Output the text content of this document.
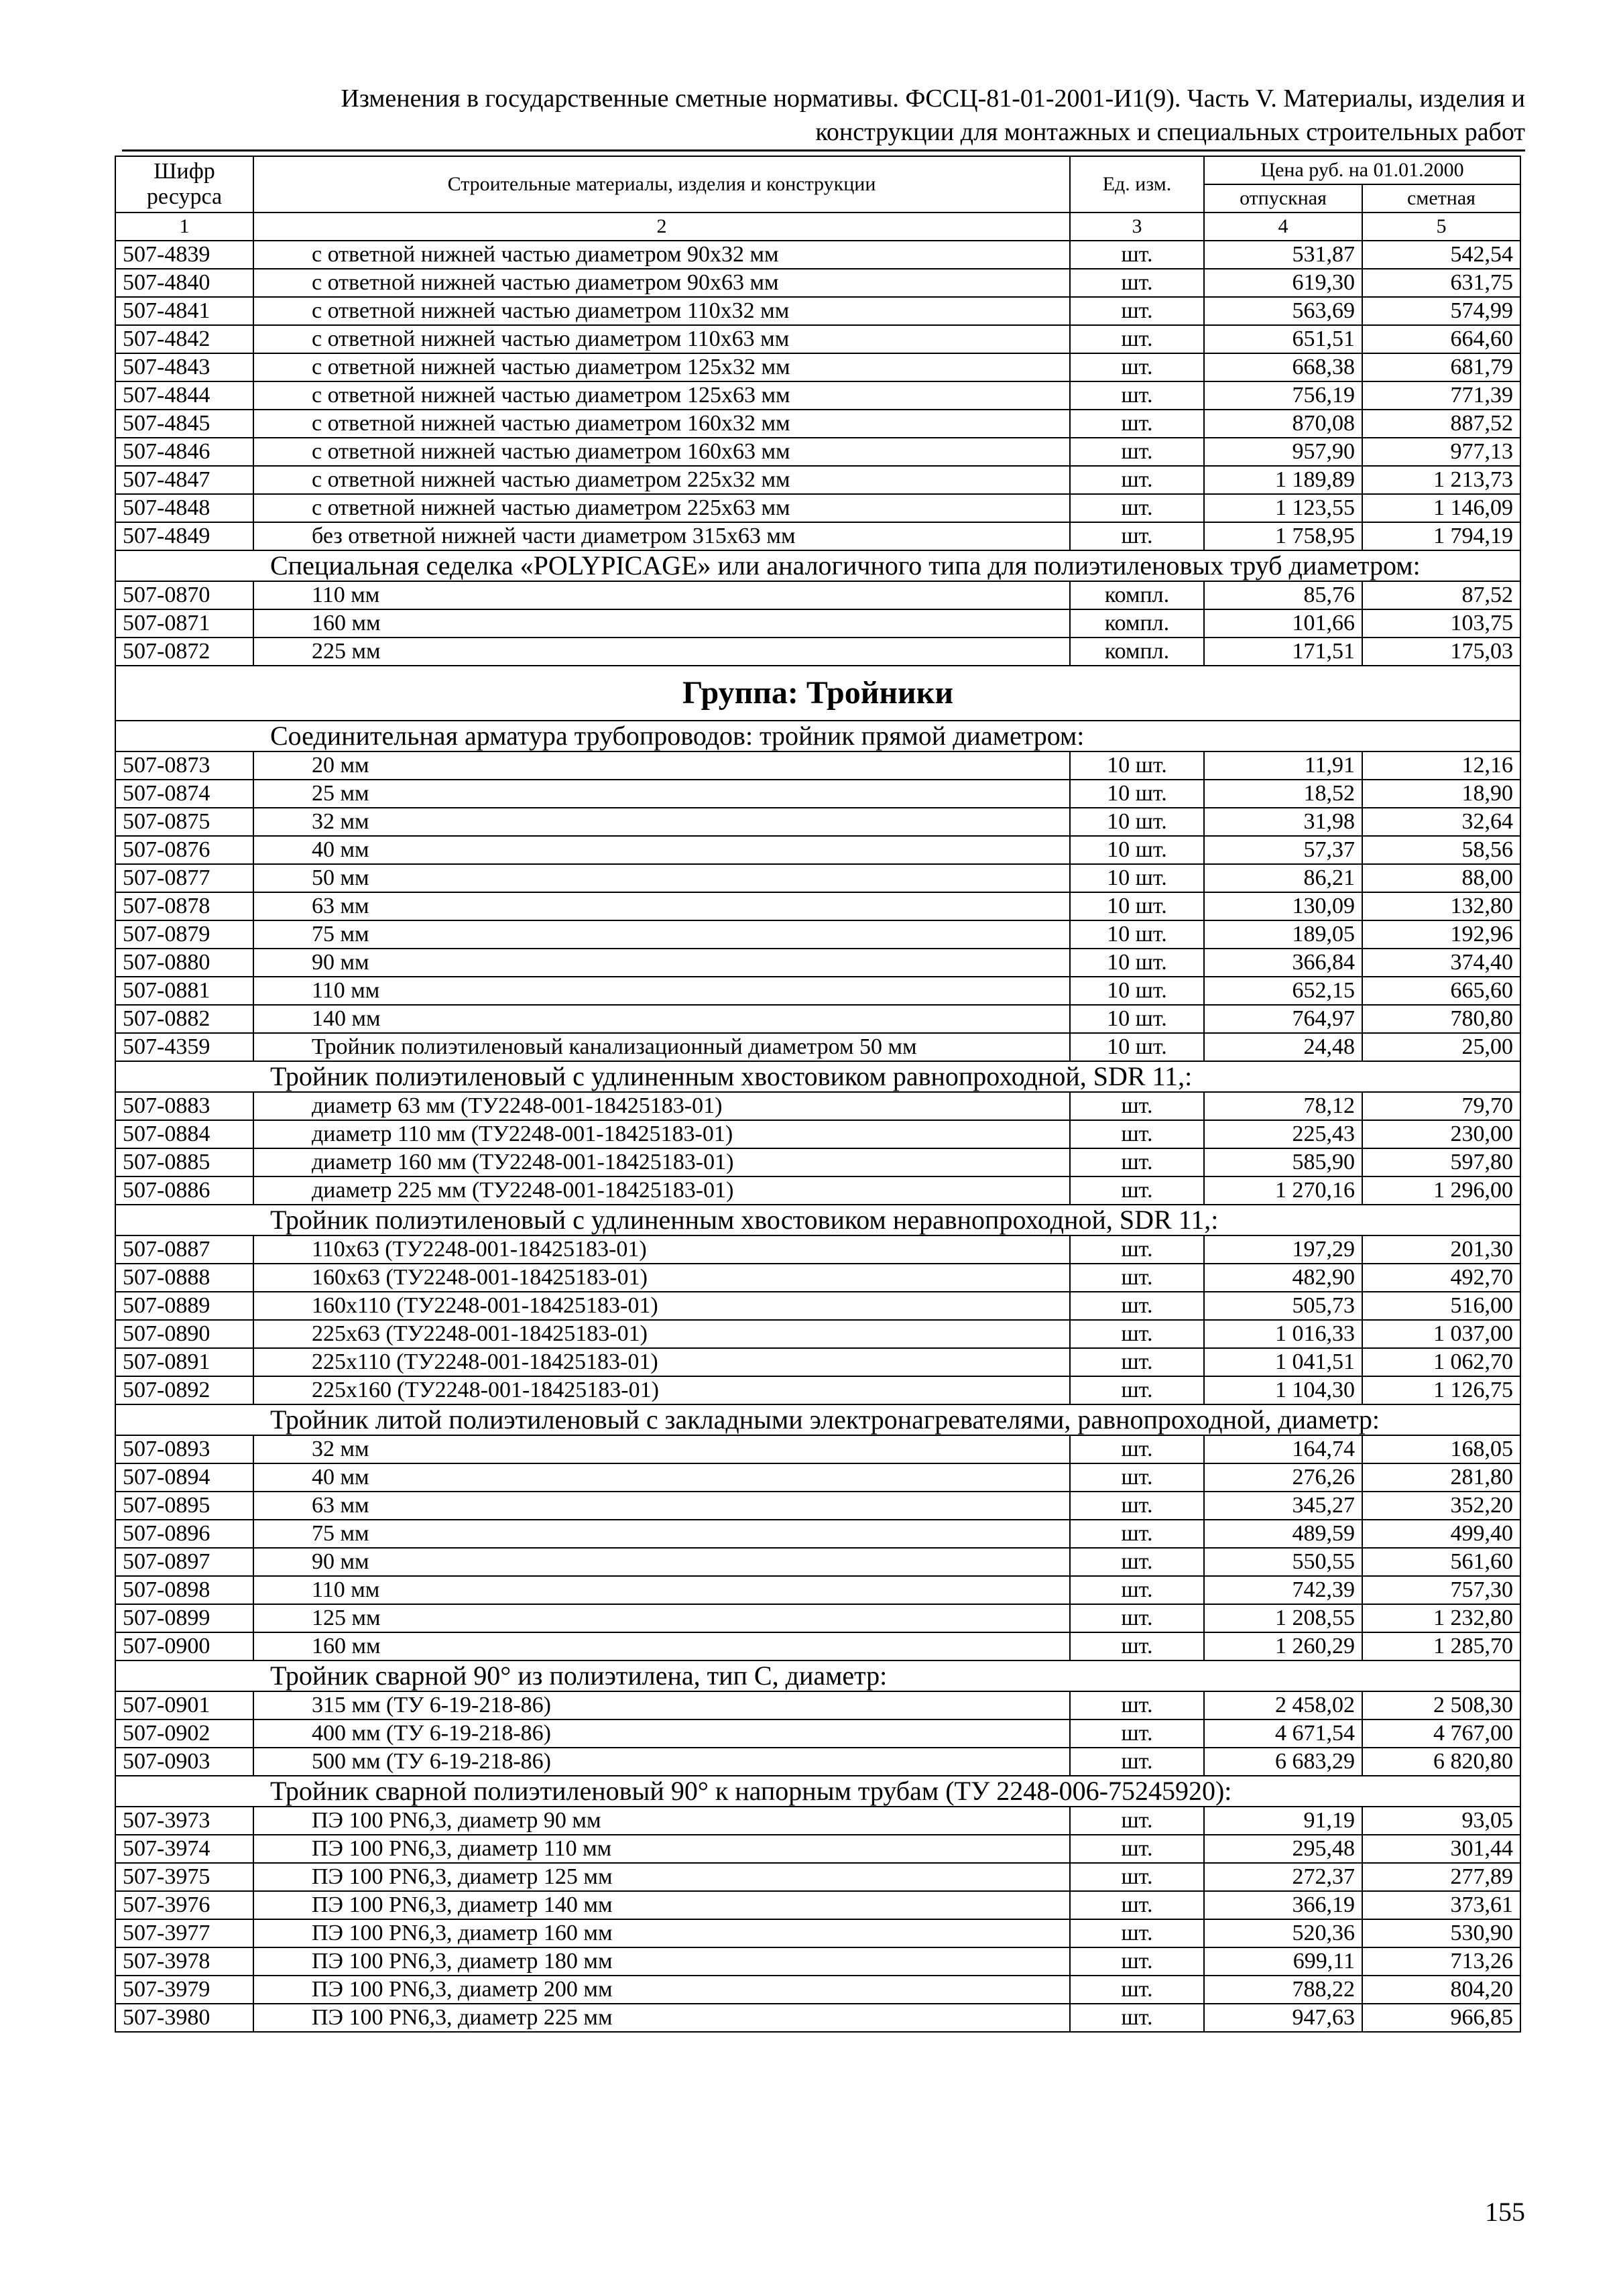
Изменения в государственные сметные нормативы. ФССЦ-81-01-2001-И1(9). Часть V. Материалы, изделия и
конструкции для монтажных и специальных строительных работ
Шифр ресурса	Строительные материалы, изделия и конструкции	Ед. изм.	Цена руб. на 01.01.2000	
			отпускная	сметная
1	2	3	4	5
507-4839	с ответной нижней частью диаметром 90х32 мм	шт.	531,87	542,54
507-4840	с ответной нижней частью диаметром 90х63 мм	шт.	619,30	631,75
507-4841	с ответной нижней частью диаметром 110х32 мм	шт.	563,69	574,99
507-4842	с ответной нижней частью диаметром 110х63 мм	шт.	651,51	664,60
507-4843	с ответной нижней частью диаметром 125х32 мм	шт.	668,38	681,79
507-4844	с ответной нижней частью диаметром 125х63 мм	шт.	756,19	771,39
507-4845	с ответной нижней частью диаметром 160х32 мм	шт.	870,08	887,52
507-4846	с ответной нижней частью диаметром 160х63 мм	шт.	957,90	977,13
507-4847	с ответной нижней частью диаметром 225х32 мм	шт.	1 189,89	1 213,73
507-4848	с ответной нижней частью диаметром 225х63 мм	шт.	1 123,55	1 146,09
507-4849	без ответной нижней части диаметром 315х63 мм	шт.	1 758,95	1 794,19
Специальная седелка «POLYPICAGE» или аналогичного типа для полиэтиленовых труб диаметром:				
507-0870	110 мм	компл.	85,76	87,52
507-0871	160 мм	компл.	101,66	103,75
507-0872	225 мм	компл.	171,51	175,03
Группа: Тройники				
Соединительная арматура трубопроводов: тройник прямой диаметром:				
507-0873	20 мм	10 шт.	11,91	12,16
507-0874	25 мм	10 шт.	18,52	18,90
507-0875	32 мм	10 шт.	31,98	32,64
507-0876	40 мм	10 шт.	57,37	58,56
507-0877	50 мм	10 шт.	86,21	88,00
507-0878	63 мм	10 шт.	130,09	132,80
507-0879	75 мм	10 шт.	189,05	192,96
507-0880	90 мм	10 шт.	366,84	374,40
507-0881	110 мм	10 шт.	652,15	665,60
507-0882	140 мм	10 шт.	764,97	780,80
507-4359	Тройник полиэтиленовый канализационный диаметром 50 мм	10 шт.	24,48	25,00
Тройник полиэтиленовый с удлиненным хвостовиком равнопроходной, SDR 11,:				
507-0883	диаметр 63 мм (ТУ2248-001-18425183-01)	шт.	78,12	79,70
507-0884	диаметр 110 мм (ТУ2248-001-18425183-01)	шт.	225,43	230,00
507-0885	диаметр 160 мм (ТУ2248-001-18425183-01)	шт.	585,90	597,80
507-0886	диаметр 225 мм (ТУ2248-001-18425183-01)	шт.	1 270,16	1 296,00
Тройник полиэтиленовый с удлиненным хвостовиком неравнопроходной, SDR 11,:				
507-0887	110х63 (ТУ2248-001-18425183-01)	шт.	197,29	201,30
507-0888	160х63 (ТУ2248-001-18425183-01)	шт.	482,90	492,70
507-0889	160х110 (ТУ2248-001-18425183-01)	шт.	505,73	516,00
507-0890	225х63 (ТУ2248-001-18425183-01)	шт.	1 016,33	1 037,00
507-0891	225х110 (ТУ2248-001-18425183-01)	шт.	1 041,51	1 062,70
507-0892	225х160 (ТУ2248-001-18425183-01)	шт.	1 104,30	1 126,75
Тройник литой полиэтиленовый с закладными электронагревателями, равнопроходной, диаметр:				
507-0893	32 мм	шт.	164,74	168,05
507-0894	40 мм	шт.	276,26	281,80
507-0895	63 мм	шт.	345,27	352,20
507-0896	75 мм	шт.	489,59	499,40
507-0897	90 мм	шт.	550,55	561,60
507-0898	110 мм	шт.	742,39	757,30
507-0899	125 мм	шт.	1 208,55	1 232,80
507-0900	160 мм	шт.	1 260,29	1 285,70
Тройник сварной 90° из полиэтилена, тип С, диаметр:				
507-0901	315 мм (ТУ 6-19-218-86)	шт.	2 458,02	2 508,30
507-0902	400 мм (ТУ 6-19-218-86)	шт.	4 671,54	4 767,00
507-0903	500 мм (ТУ 6-19-218-86)	шт.	6 683,29	6 820,80
Тройник сварной полиэтиленовый 90° к напорным трубам (ТУ 2248-006-75245920):				
507-3973	ПЭ 100 PN6,3, диаметр 90 мм	шт.	91,19	93,05
507-3974	ПЭ 100 PN6,3, диаметр 110 мм	шт.	295,48	301,44
507-3975	ПЭ 100 PN6,3, диаметр 125 мм	шт.	272,37	277,89
507-3976	ПЭ 100 PN6,3, диаметр 140 мм	шт.	366,19	373,61
507-3977	ПЭ 100 PN6,3, диаметр 160 мм	шт.	520,36	530,90
507-3978	ПЭ 100 PN6,3, диаметр 180 мм	шт.	699,11	713,26
507-3979	ПЭ 100 PN6,3, диаметр 200 мм	шт.	788,22	804,20
507-3980	ПЭ 100 PN6,3, диаметр 225 мм	шт.	947,63	966,85
155
